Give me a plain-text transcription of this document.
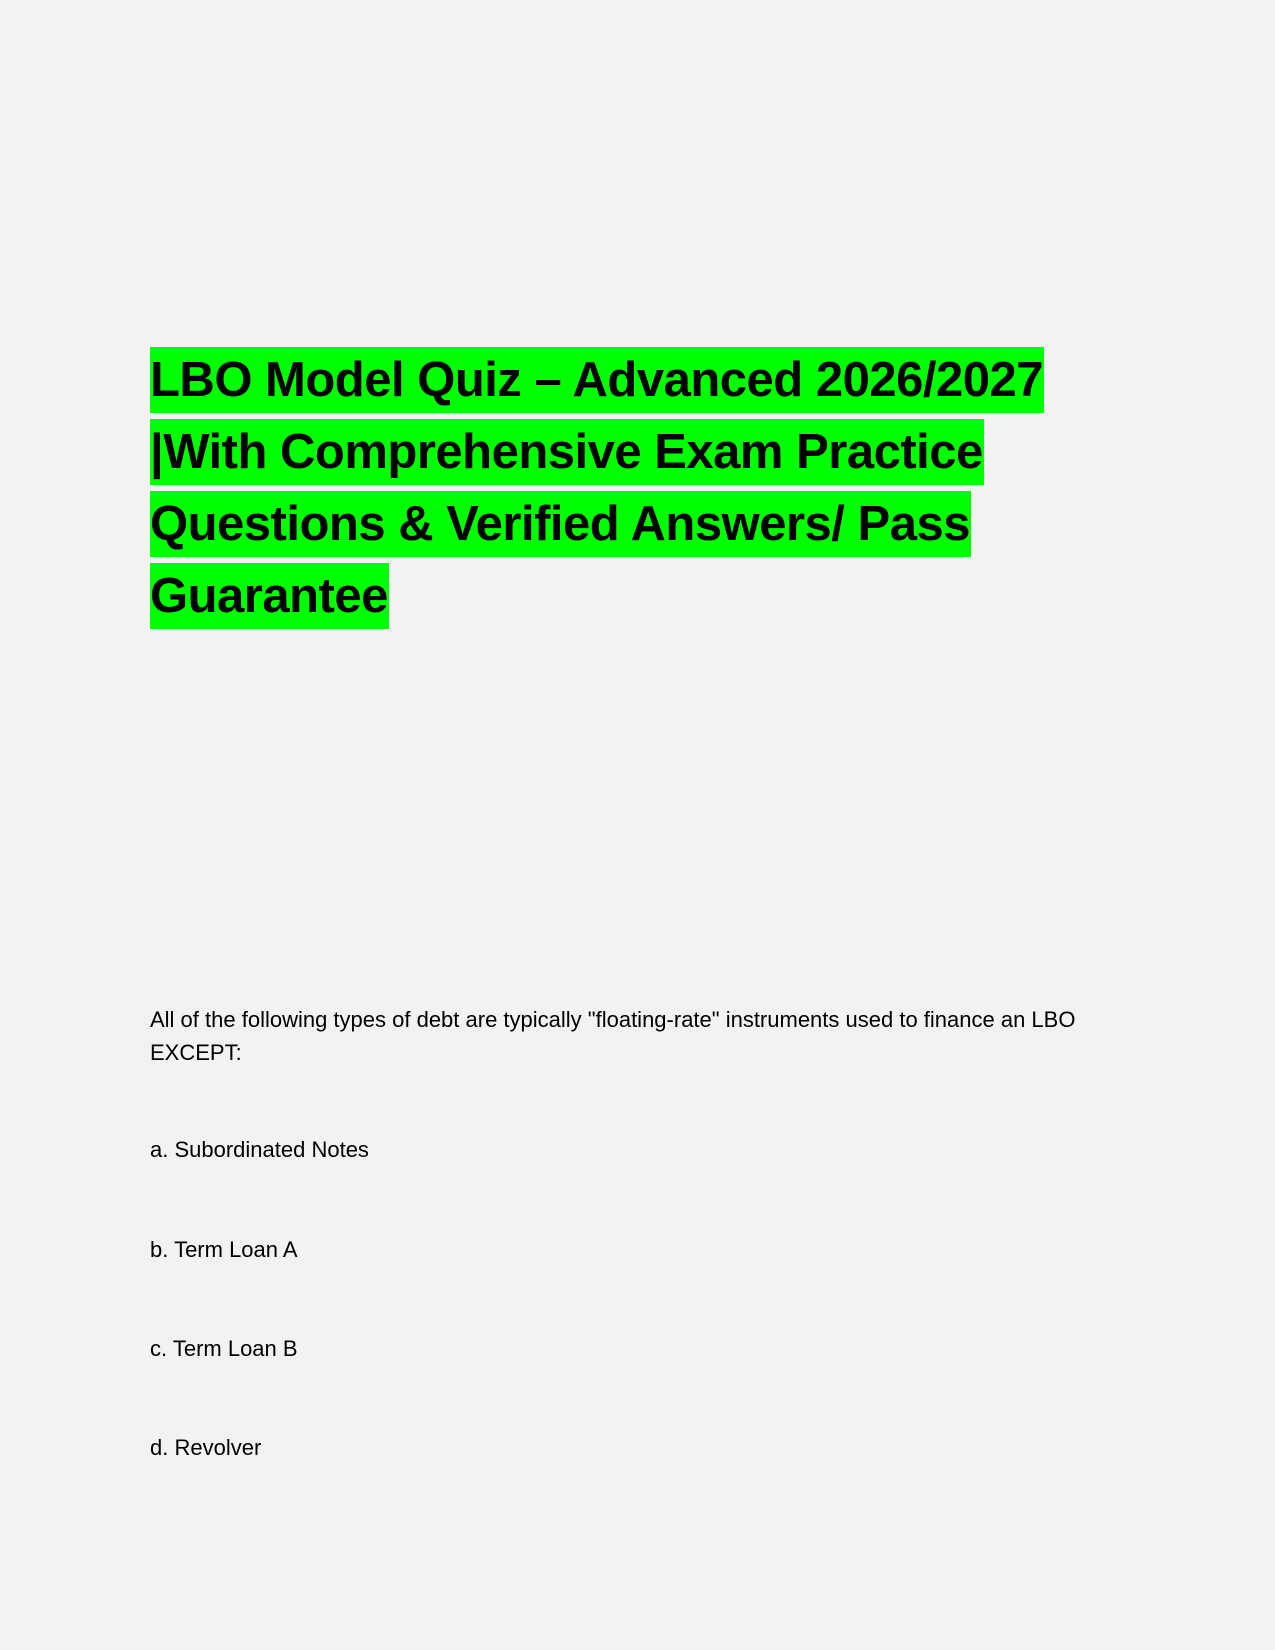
LBO Model Quiz – Advanced 2026/2027
|With Comprehensive Exam Practice
Questions & Verified Answers/ Pass
Guarantee
All of the following types of debt are typically "floating-rate" instruments used to finance an LBO EXCEPT:
a. Subordinated Notes
b. Term Loan A
c. Term Loan B
d. Revolver
